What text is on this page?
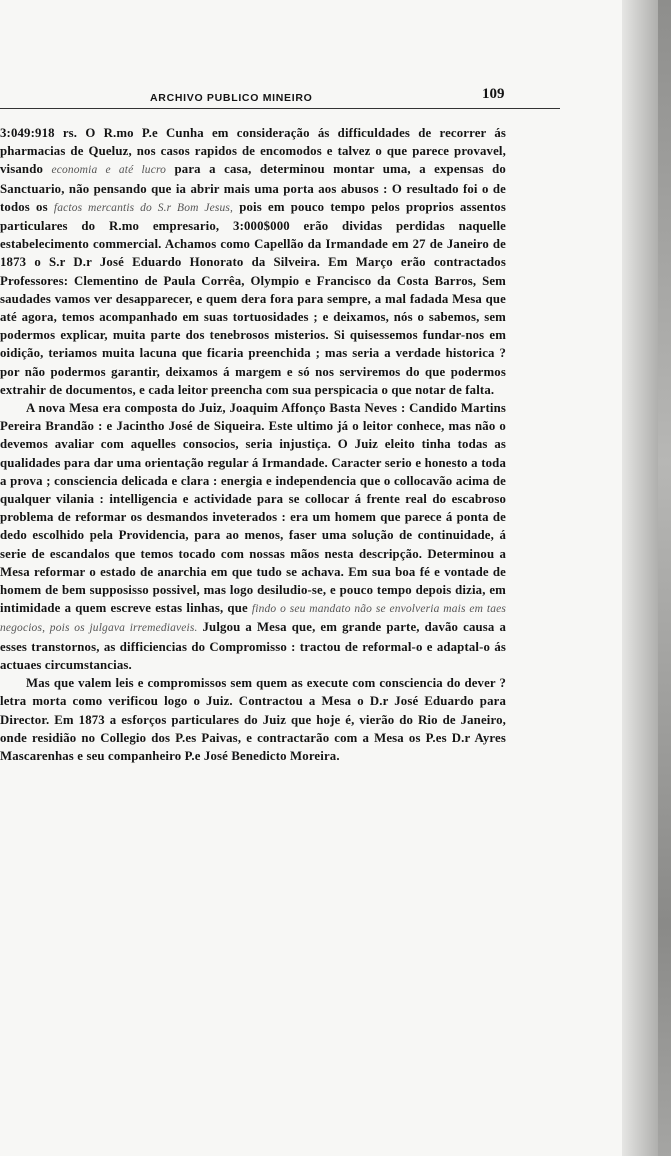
ARCHIVO PUBLICO MINEIRO	109

3:049:918 rs. O R.mo P.e Cunha em consideração ás difficuldades de recorrer ás pharmacias de Queluz, nos casos rapidos de encomodos e talvez o que parece provavel, visando economia e até lucro para a casa, determinou montar uma, a expensas do Sanctuario, não pensando que ia abrir mais uma porta aos abusos : O resultado foi o de todos os factos mercantis do S.r Bom Jesus, pois em pouco tempo pelos proprios assentos particulares do R.mo empresario, 3:000$000 erão dividas perdidas naquelle estabelecimento commercial. Achamos como Capellão da Irmandade em 27 de Janeiro de 1873 o S.r D.r José Eduardo Honorato da Silveira. Em Março erão contractados Professores: Clementino de Paula Corrêa, Olympio e Francisco da Costa Barros, Sem saudades vamos ver desapparecer, e quem dera fora para sempre, a mal fadada Mesa que até agora, temos acompanhado em suas tortuosidades ; e deixamos, nós o sabemos, sem podermos explicar, muita parte dos tenebrosos misterios. Si quisessemos fundar-nos em oidição, teriamos muita lacuna que ficaria preenchida ; mas seria a verdade historica ? por não podermos garantir, deixamos á margem e só nos serviremos do que podermos extrahir de documentos, e cada leitor preencha com sua perspicacia o que notar de falta.

A nova Mesa era composta do Juiz, Joaquim Affonço Basta Neves : Candido Martins Pereira Brandão : e Jacintho José de Siqueira. Este ultimo já o leitor conhece, mas não o devemos avaliar com aquelles consocios, seria injustiça. O Juiz eleito tinha todas as qualidades para dar uma orientação regular á Irmandade. Caracter serio e honesto a toda a prova ; consciencia delicada e clara : energia e independencia que o collocavão acima de qualquer vilania : intelligencia e actividade para se collocar á frente real do escabroso problema de reformar os desmandos inveterados : era um homem que parece á ponta de dedo escolhido pela Providencia, para ao menos, faser uma solução de continuidade, á serie de escandalos que temos tocado com nossas mãos nesta descripção. Determinou a Mesa reformar o estado de anarchia em que tudo se achava. Em sua boa fé e vontade de homem de bem supposisso possivel, mas logo desiludio-se, e pouco tempo depois dizia, em intimidade a quem escreve estas linhas, que findo o seu mandato não se envolveria mais em taes negocios, pois os julgava irremediaveis. Julgou a Mesa que, em grande parte, davão causa a esses transtornos, as difficiencias do Compromisso : tractou de reformal-o e adaptal-o ás actuaes circumstancias.

Mas que valem leis e compromissos sem quem as execute com consciencia do dever ? letra morta como verificou logo o Juiz. Contractou a Mesa o D.r José Eduardo para Director. Em 1873 a esforços particulares do Juiz que hoje é, vierão do Rio de Janeiro, onde residião no Collegio dos P.es Paivas, e contractarão com a Mesa os P.es D.r Ayres Mascarenhas e seu companheiro P.e José Benedicto Moreira.
